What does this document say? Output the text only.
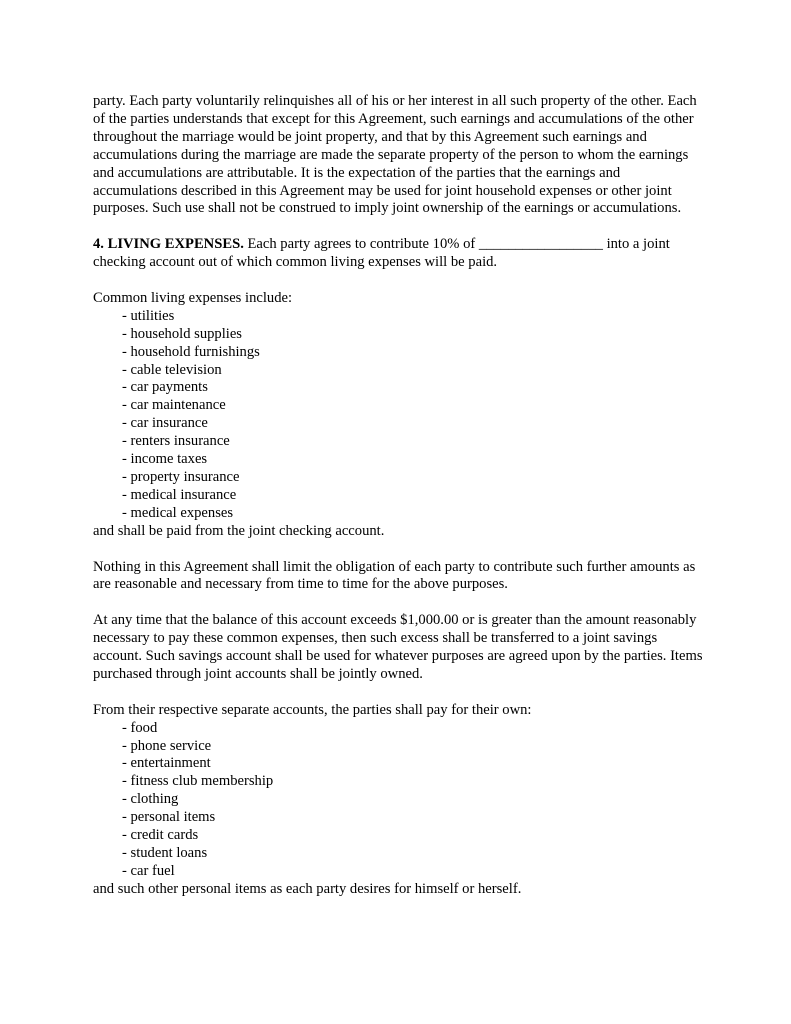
party. Each party voluntarily relinquishes all of his or her interest in all such property of the other. Each of the parties understands that except for this Agreement, such earnings and accumulations of the other throughout the marriage would be joint property, and that by this Agreement such earnings and accumulations during the marriage are made the separate property of the person to whom the earnings and accumulations are attributable. It is the expectation of the parties that the earnings and accumulations described in this Agreement may be used for joint household expenses or other joint purposes. Such use shall not be construed to imply joint ownership of the earnings or accumulations.

4. LIVING EXPENSES. Each party agrees to contribute 10% of _________________ into a joint checking account out of which common living expenses will be paid.

Common living expenses include:

- utilities
- household supplies
- household furnishings
- cable television
- car payments
- car maintenance
- car insurance
- renters insurance
- income taxes
- property insurance
- medical insurance
- medical expenses

and shall be paid from the joint checking account.

Nothing in this Agreement shall limit the obligation of each party to contribute such further amounts as are reasonable and necessary from time to time for the above purposes.

At any time that the balance of this account exceeds $1,000.00 or is greater than the amount reasonably necessary to pay these common expenses, then such excess shall be transferred to a joint savings account. Such savings account shall be used for whatever purposes are agreed upon by the parties. Items purchased through joint accounts shall be jointly owned.

From their respective separate accounts, the parties shall pay for their own:

- food
- phone service
- entertainment
- fitness club membership
- clothing
- personal items
- credit cards
- student loans
- car fuel

and such other personal items as each party desires for himself or herself.
